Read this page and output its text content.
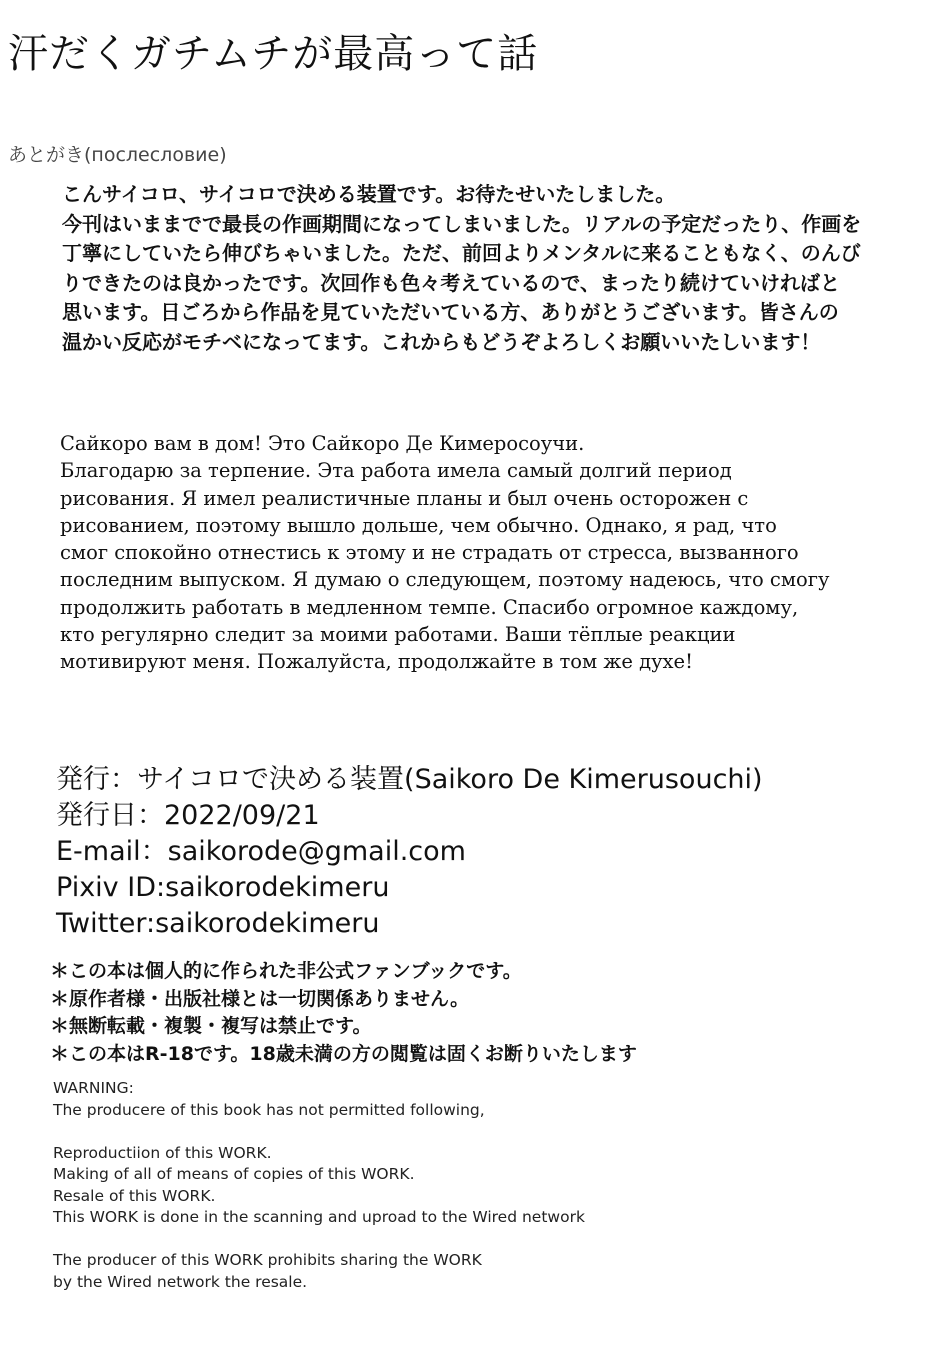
汗だくガチムチが最高って話
あとがき(послесловие)
こんサイコロ、サイコロで決める装置です。お待たせいたしました。
今刊はいままでで最長の作画期間になってしまいました。リアルの予定だったり、作画を
丁寧にしていたら伸びちゃいました。ただ、前回よりメンタルに来ることもなく、のんび
りできたのは良かったです。次回作も色々考えているので、まったり続けていければと
思います。日ごろから作品を見ていただいている方、ありがとうございます。皆さんの
温かい反応がモチベになってます。これからもどうぞよろしくお願いいたしいます！
Сайкоро вам в дом! Это Сайкоро Де Кимеросоучи.
Благодарю за терпение. Эта работа имела самый долгий период
рисования. Я имел реалистичные планы и был очень осторожен с
рисованием, поэтому вышло дольше, чем обычно. Однако, я рад, что
смог спокойно отнестись к этому и не страдать от стресса, вызванного
последним выпуском. Я думаю о следующем, поэтому надеюсь, что смогу
продолжить работать в медленном темпе. Спасибо огромное каждому,
кто регулярно следит за моими работами. Ваши тёплые реакции
мотивируют меня. Пожалуйста, продолжайте в том же духе!
発行：サイコロで決める装置(Saikoro De Kimerusouchi)
発行日：2022/09/21
E-mail：saikorode@gmail.com
Pixiv ID:saikorodekimeru
Twitter:saikorodekimeru
＊この本は個人的に作られた非公式ファンブックです。
＊原作者様・出版社様とは一切関係ありません。
＊無断転載・複製・複写は禁止です。
＊この本はR-18です。18歳未満の方の閲覧は固くお断りいたします
WARNING:
The producere of this book has not permitted following,
Reproductiion of this WORK.
Making of all of means of copies of this WORK.
Resale of this WORK.
This WORK is done in the scanning and uproad to the Wired network
The producer of this WORK prohibits sharing the WORK
by the Wired network the resale.
